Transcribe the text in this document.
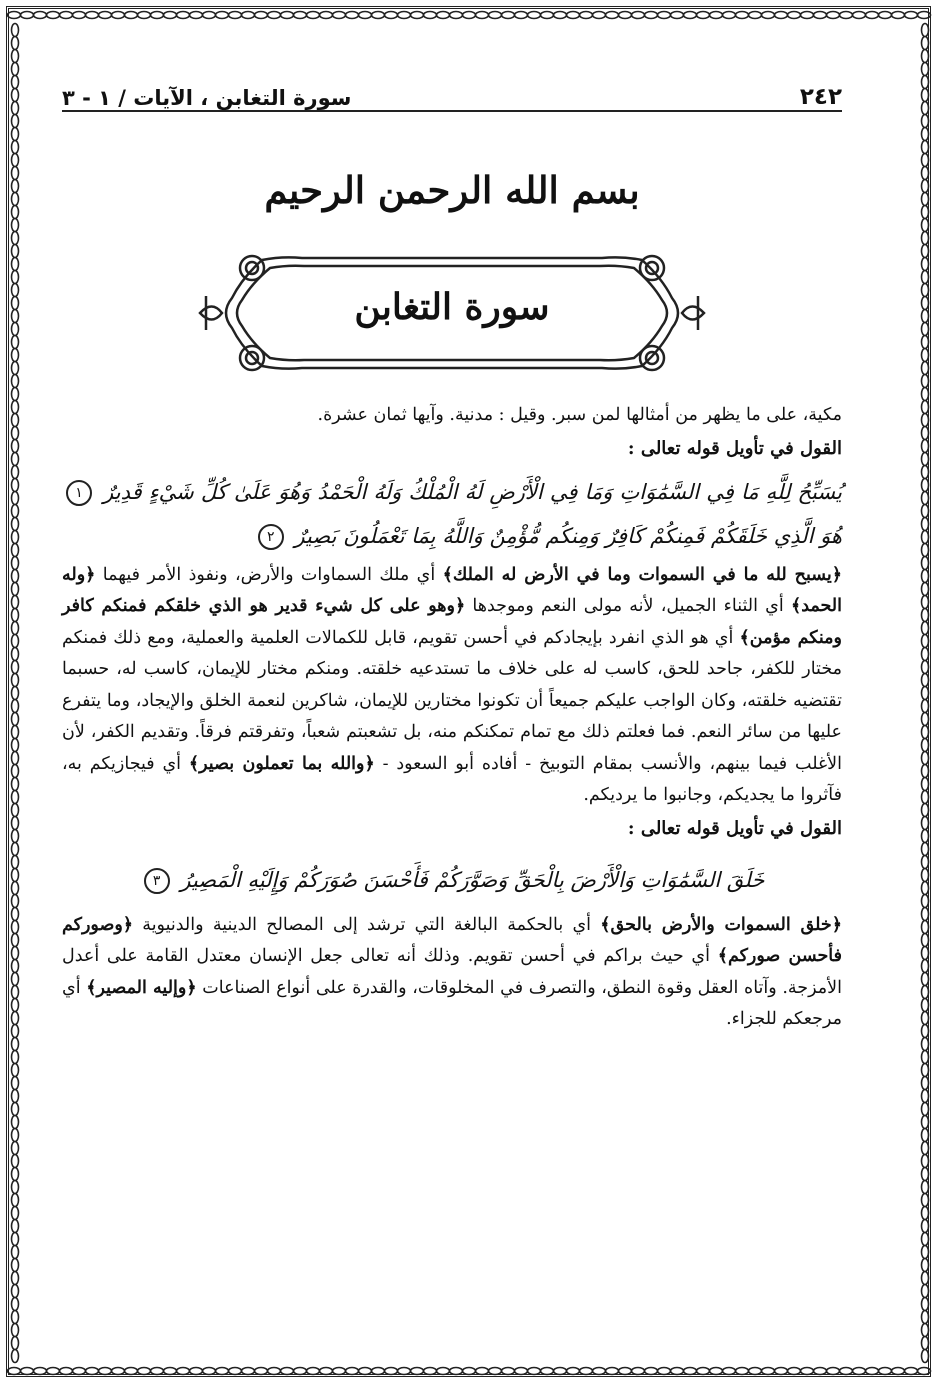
٢٤٢
سورة التغابن ، الآيات / ١ - ٣
بسم الله الرحمن الرحيم
سورة التغابن

مكية، على ما يظهر من أمثالها لمن سبر. وقيل : مدنية. وآيها ثمان عشرة.

القول في تأويل قوله تعالى :

يُسَبِّحُ لِلَّهِ مَا فِي السَّمَٰوَاتِ وَمَا فِي الْأَرْضِ لَهُ الْمُلْكُ وَلَهُ الْحَمْدُ وَهُوَ عَلَىٰ كُلِّ شَيْءٍ قَدِيرٌ ١ هُوَ الَّذِي خَلَقَكُمْ فَمِنكُمْ كَافِرٌ وَمِنكُم مُّؤْمِنٌ وَاللَّهُ بِمَا تَعْمَلُونَ بَصِيرٌ ٢

﴿يسبح لله ما في السموات وما في الأرض له الملك﴾ أي ملك السماوات والأرض، ونفوذ الأمر فيهما ﴿وله الحمد﴾ أي الثناء الجميل، لأنه مولى النعم وموجدها ﴿وهو على كل شيء قدير هو الذي خلقكم فمنكم كافر ومنكم مؤمن﴾ أي هو الذي انفرد بإيجادكم في أحسن تقويم، قابل للكمالات العلمية والعملية، ومع ذلك فمنكم مختار للكفر، جاحد للحق، كاسب له على خلاف ما تستدعيه خلقته. ومنكم مختار للإيمان، كاسب له، حسبما تقتضيه خلقته، وكان الواجب عليكم جميعاً أن تكونوا مختارين للإيمان، شاكرين لنعمة الخلق والإيجاد، وما يتفرع عليها من سائر النعم. فما فعلتم ذلك مع تمام تمكنكم منه، بل تشعبتم شعباً، وتفرقتم فرقاً. وتقديم الكفر، لأن الأغلب فيما بينهم، والأنسب بمقام التوبيخ - أفاده أبو السعود - ﴿والله بما تعملون بصير﴾ أي فيجازيكم به، فآثروا ما يجديكم، وجانبوا ما يرديكم.

القول في تأويل قوله تعالى :

خَلَقَ السَّمَٰوَاتِ وَالْأَرْضَ بِالْحَقِّ وَصَوَّرَكُمْ فَأَحْسَنَ صُوَرَكُمْ وَإِلَيْهِ الْمَصِيرُ ٣

﴿خلق السموات والأرض بالحق﴾ أي بالحكمة البالغة التي ترشد إلى المصالح الدينية والدنيوية ﴿وصوركم فأحسن صوركم﴾ أي حيث براكم في أحسن تقويم. وذلك أنه تعالى جعل الإنسان معتدل القامة على أعدل الأمزجة. وآتاه العقل وقوة النطق، والتصرف في المخلوقات، والقدرة على أنواع الصناعات ﴿وإليه المصير﴾ أي مرجعكم للجزاء.
